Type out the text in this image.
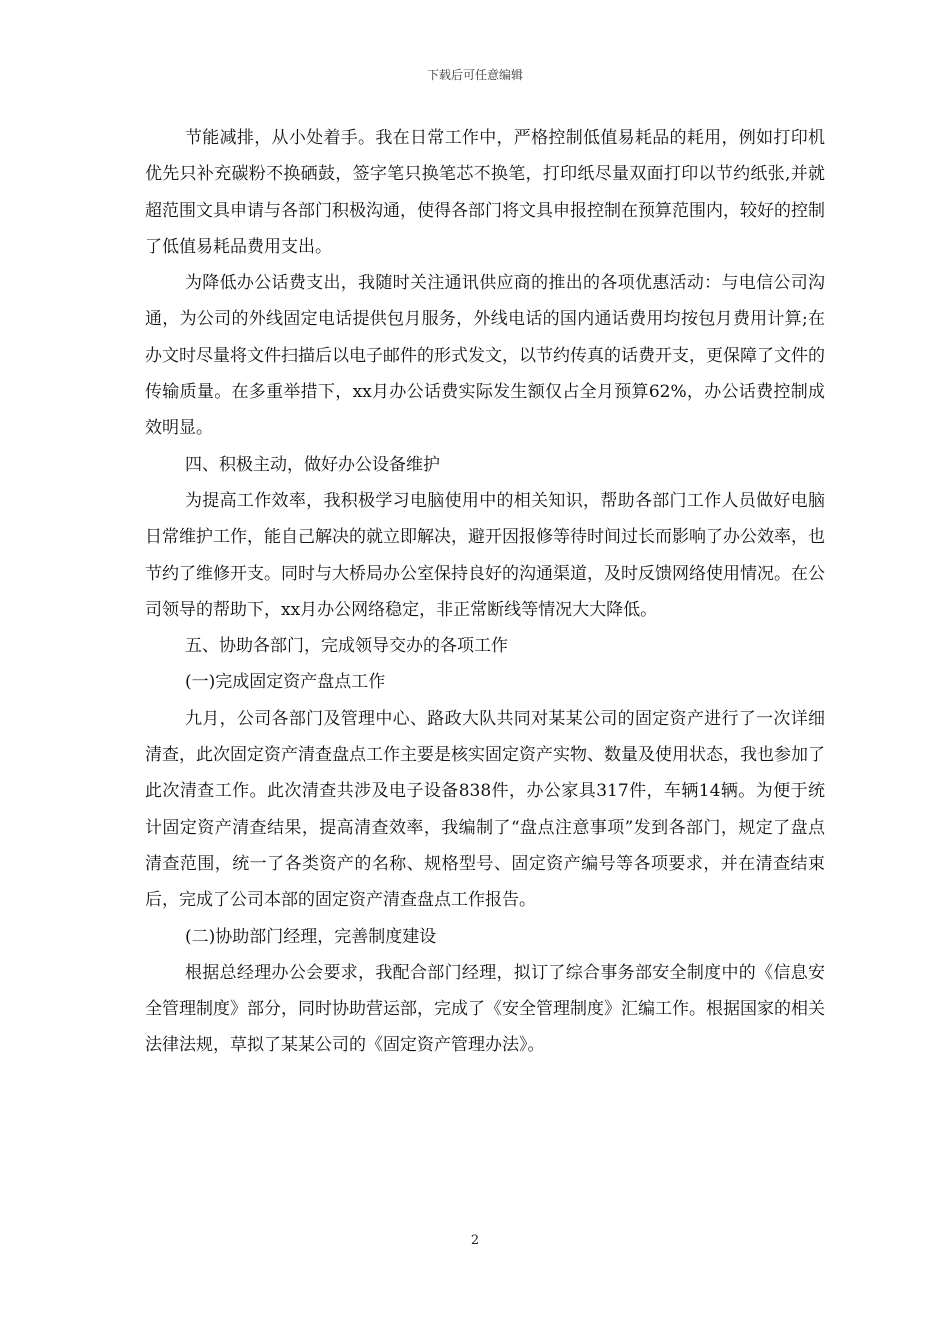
下载后可任意编辑

节能减排，从小处着手。我在日常工作中，严格控制低值易耗品的耗用，例如打印机优先只补充碳粉不换硒鼓，签字笔只换笔芯不换笔，打印纸尽量双面打印以节约纸张,并就超范围文具申请与各部门积极沟通，使得各部门将文具申报控制在预算范围内，较好的控制了低值易耗品费用支出。

为降低办公话费支出，我随时关注通讯供应商的推出的各项优惠活动：与电信公司沟通，为公司的外线固定电话提供包月服务，外线电话的国内通话费用均按包月费用计算;在办文时尽量将文件扫描后以电子邮件的形式发文，以节约传真的话费开支，更保障了文件的传输质量。在多重举措下，xx月办公话费实际发生额仅占全月预算62%，办公话费控制成效明显。

四、积极主动，做好办公设备维护

为提高工作效率，我积极学习电脑使用中的相关知识，帮助各部门工作人员做好电脑日常维护工作，能自己解决的就立即解决，避开因报修等待时间过长而影响了办公效率，也节约了维修开支。同时与大桥局办公室保持良好的沟通渠道，及时反馈网络使用情况。在公司领导的帮助下，xx月办公网络稳定，非正常断线等情况大大降低。

五、协助各部门，完成领导交办的各项工作

(一)完成固定资产盘点工作

九月，公司各部门及管理中心、路政大队共同对某某公司的固定资产进行了一次详细清查，此次固定资产清查盘点工作主要是核实固定资产实物、数量及使用状态，我也参加了此次清查工作。此次清查共涉及电子设备838件，办公家具317件，车辆14辆。为便于统计固定资产清查结果，提高清查效率，我编制了“盘点注意事项”发到各部门，规定了盘点清查范围，统一了各类资产的名称、规格型号、固定资产编号等各项要求，并在清查结束后，完成了公司本部的固定资产清查盘点工作报告。

(二)协助部门经理，完善制度建设

根据总经理办公会要求，我配合部门经理，拟订了综合事务部安全制度中的《信息安全管理制度》部分，同时协助营运部，完成了《安全管理制度》汇编工作。根据国家的相关法律法规，草拟了某某公司的《固定资产管理办法》。

2
